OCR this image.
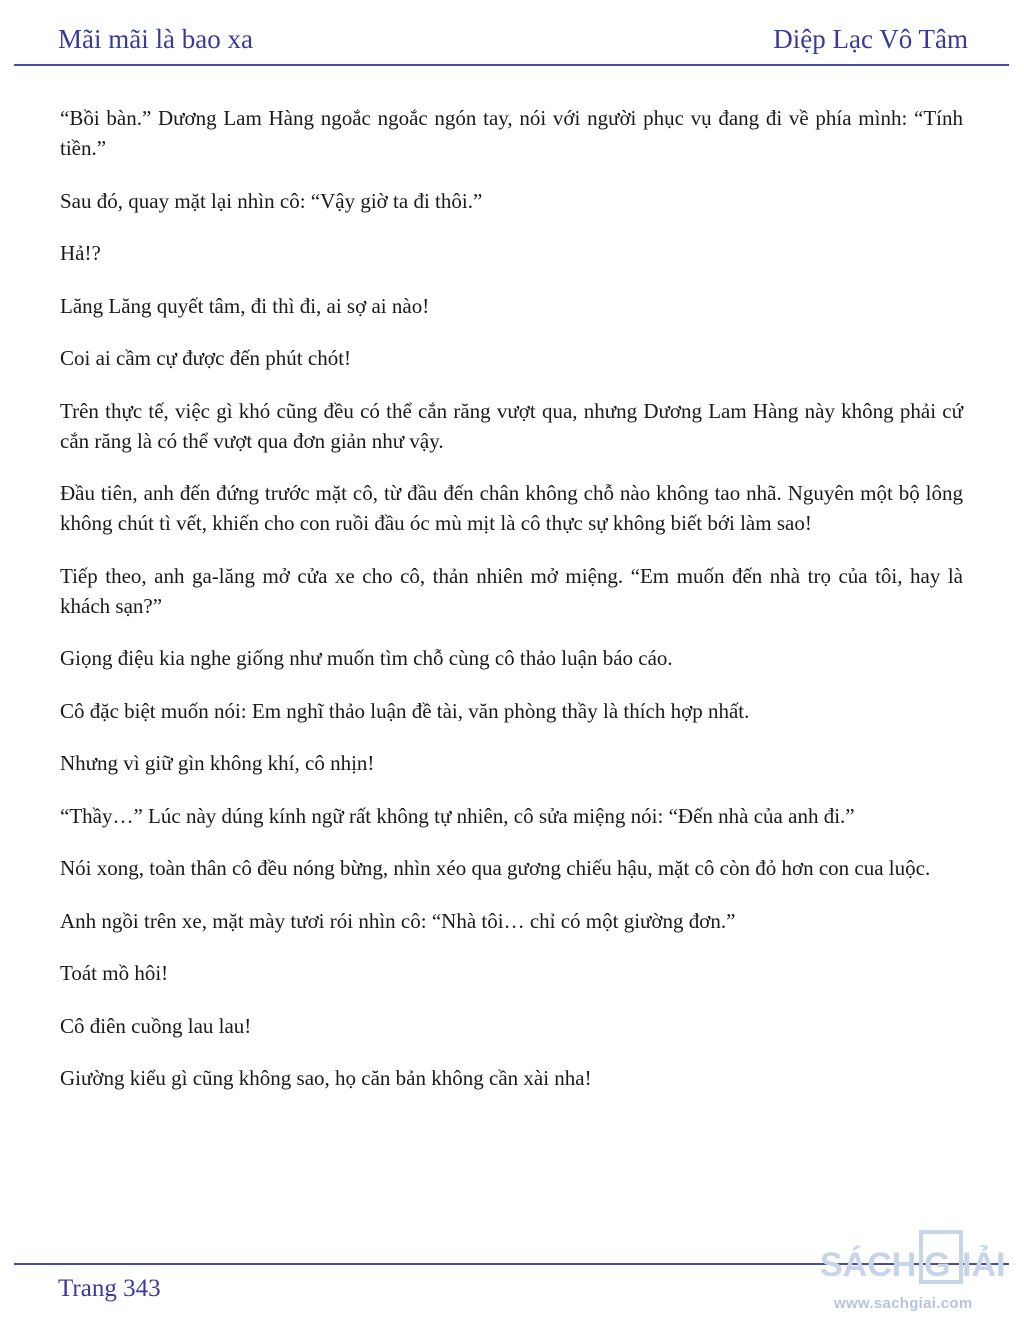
Mãi mãi là bao xa	Diệp Lạc Vô Tâm

“Bồi bàn.” Dương Lam Hàng ngoắc ngoắc ngón tay, nói với người phục vụ đang đi về phía mình: “Tính tiền.”

Sau đó, quay mặt lại nhìn cô: “Vậy giờ ta đi thôi.”

Hả!?

Lăng Lăng quyết tâm, đi thì đi, ai sợ ai nào!

Coi ai cầm cự được đến phút chót!

Trên thực tế, việc gì khó cũng đều có thể cắn răng vượt qua, nhưng Dương Lam Hàng này không phải cứ cắn răng là có thể vượt qua đơn giản như vậy.

Đầu tiên, anh đến đứng trước mặt cô, từ đầu đến chân không chỗ nào không tao nhã. Nguyên một bộ lông không chút tì vết, khiến cho con ruồi đầu óc mù mịt là cô thực sự không biết bới làm sao!

Tiếp theo, anh ga-lăng mở cửa xe cho cô, thản nhiên mở miệng. “Em muốn đến nhà trọ của tôi, hay là khách sạn?”

Giọng điệu kia nghe giống như muốn tìm chỗ cùng cô thảo luận báo cáo.

Cô đặc biệt muốn nói: Em nghĩ thảo luận đề tài, văn phòng thầy là thích hợp nhất.

Nhưng vì giữ gìn không khí, cô nhịn!

“Thầy…” Lúc này dúng kính ngữ rất không tự nhiên, cô sửa miệng nói: “Đến nhà của anh đi.”

Nói xong, toàn thân cô đều nóng bừng, nhìn xéo qua gương chiếu hậu, mặt cô còn đỏ hơn con cua luộc.

Anh ngồi trên xe, mặt mày tươi rói nhìn cô: “Nhà tôi… chỉ có một giường đơn.”

Toát mồ hôi!

Cô điên cuồng lau lau!

Giường kiểu gì cũng không sao, họ căn bản không cần xài nha!

Trang 343
SÁCH G IẢI
www.sachgiai.com
